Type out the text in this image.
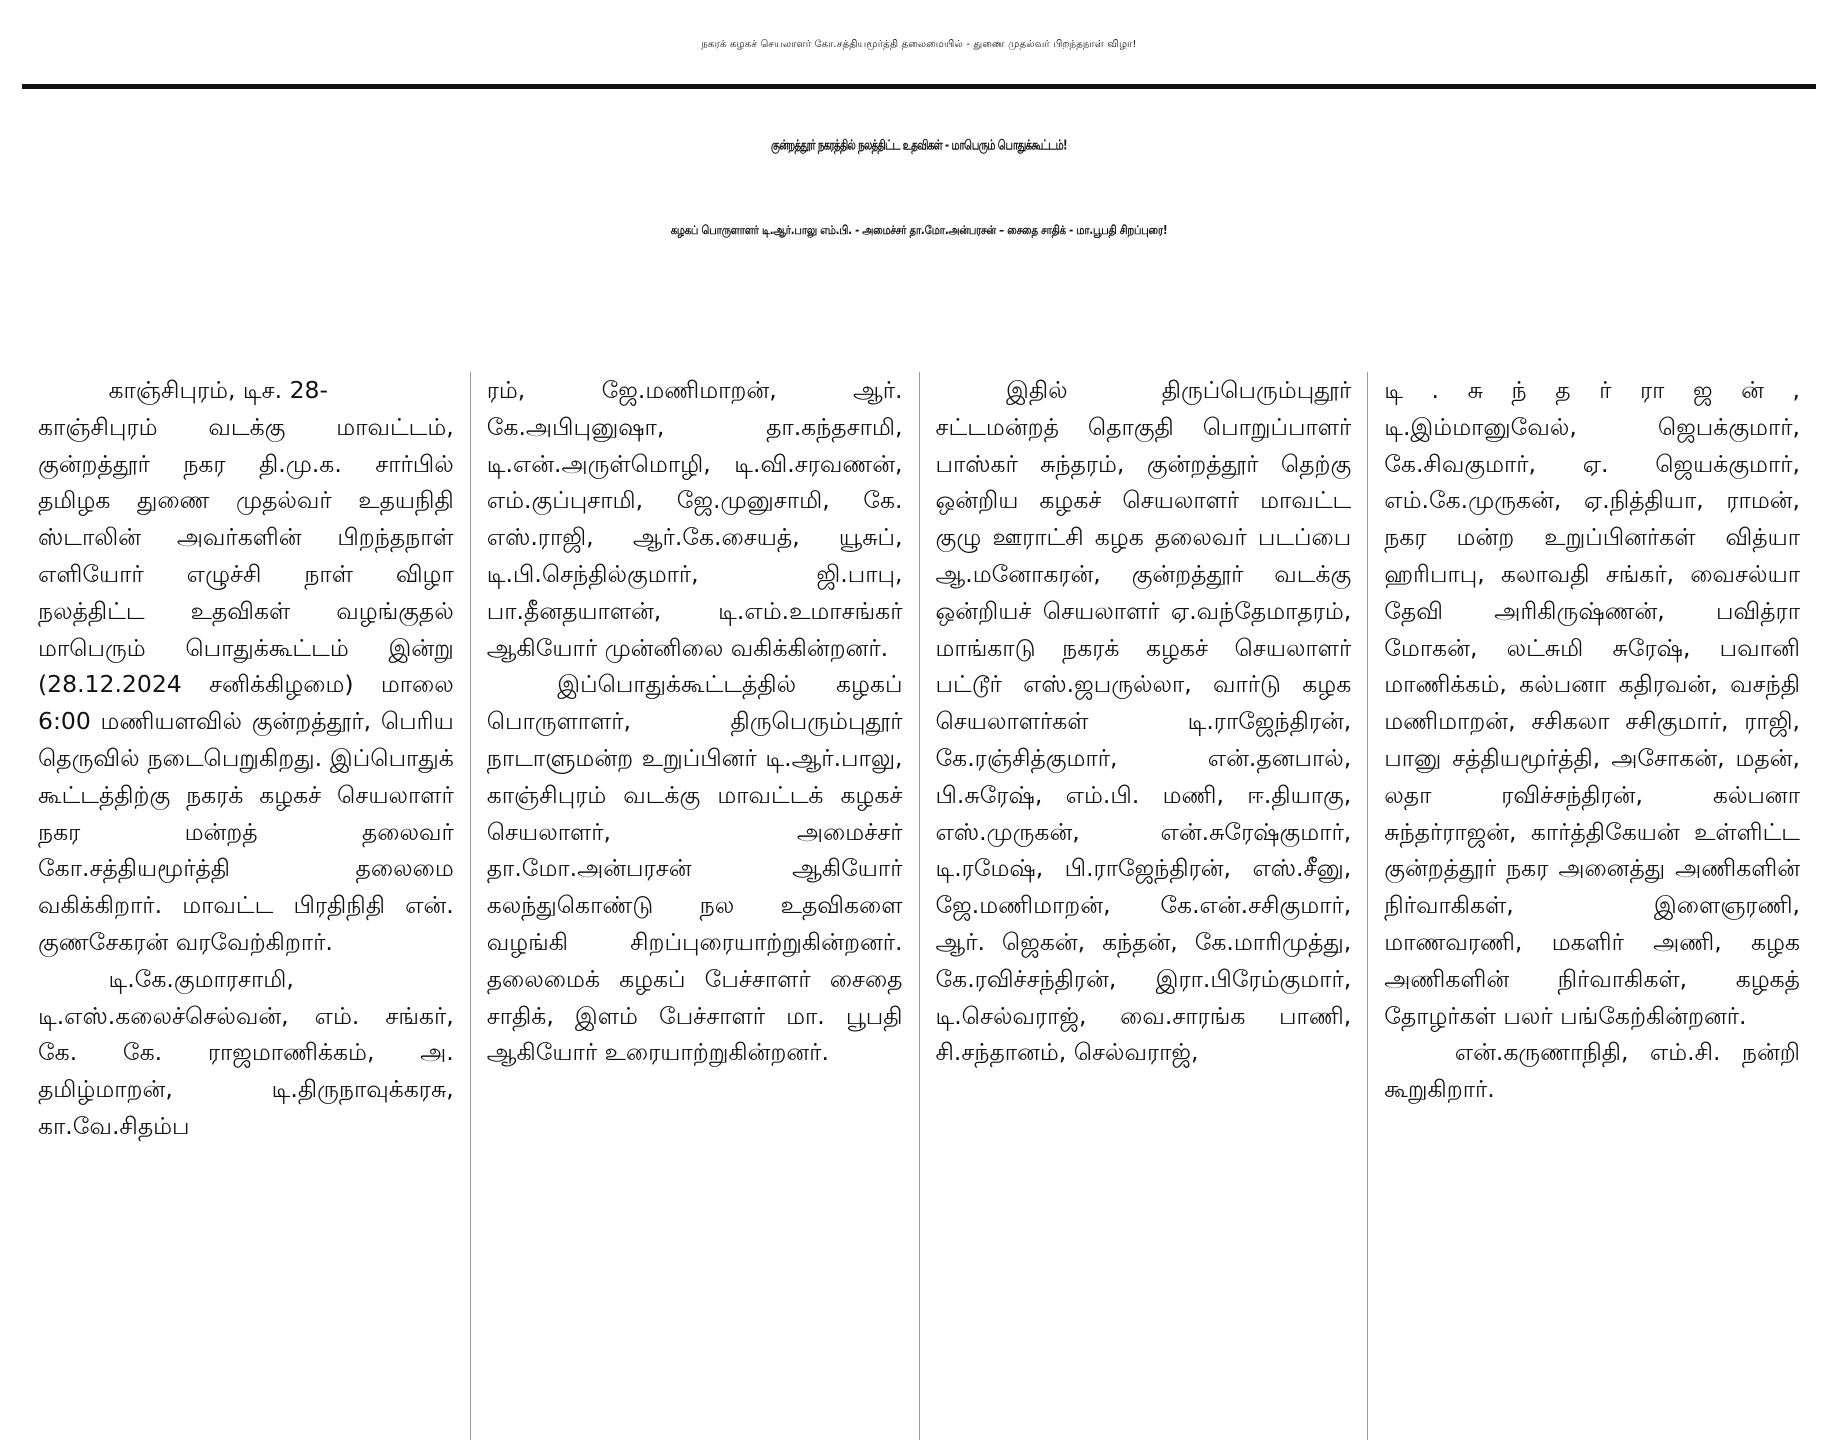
நகரக் கழகச் செயலாளர் கோ.சத்தியமூர்த்தி தலைமையில் - துணை முதல்வர் பிறந்தநாள் விழா!
குன்றத்தூர் நகரத்தில் நலத்திட்ட உதவிகள் - மாபெரும் பொதுக்கூட்டம்!
கழகப் பொருளாளர் டி.ஆர்.பாலு எம்.பி. - அமைச்சர் தா.மோ.அன்பரசன் – சைதை சாதிக் - மா.பூபதி சிறப்புரை!

காஞ்சிபுரம், டிச. 28-

காஞ்சிபுரம் வடக்கு மாவட்டம், குன்றத்தூர் நகர தி.மு.க. சார்பில் தமிழக துணை முதல்வர் உதயநிதி ஸ்டாலின் அவர்களின் பிறந்தநாள் எளியோர் எழுச்சி நாள் விழா நலத்திட்ட உதவிகள் வழங்குதல் மாபெரும் பொதுக்கூட்டம் இன்று (28.12.2024 சனிக்கிழமை) மாலை 6:00 மணியளவில் குன்றத்தூர், பெரிய தெருவில் நடைபெறுகிறது. இப்பொதுக் கூட்டத்திற்கு நகரக் கழகச் செயலாளர் நகர மன்றத் தலைவர் கோ.சத்தியமூர்த்தி தலைமை வகிக்கிறார். மாவட்ட பிரதிநிதி என். குணசேகரன் வரவேற்கிறார்.

டி.கே.குமாரசாமி, டி.எஸ்.கலைச்செல்வன், எம். சங்கர், கே. கே. ராஜமாணிக்கம், அ. தமிழ்மாறன், டி.திருநாவுக்கரசு, கா.வே.சிதம்ப

ரம், ஜே.மணிமாறன், ஆர். கே.அபிபுனுஷா, தா.கந்தசாமி, டி.என்.அருள்மொழி, டி.வி.சரவணன், எம்.குப்புசாமி, ஜே.முனுசாமி, கே. எஸ்.ராஜி, ஆர்.கே.சையத், யூசுப், டி.பி.செந்தில்குமார், ஜி.பாபு, பா.தீனதயாளன், டி.எம்.உமாசங்கர் ஆகியோர் முன்னிலை வகிக்கின்றனர்.

இப்பொதுக்கூட்டத்தில் கழகப் பொருளாளர், திருபெரும்புதூர் நாடாளுமன்ற உறுப்பினர் டி.ஆர்.பாலு, காஞ்சிபுரம் வடக்கு மாவட்டக் கழகச் செயலாளர், அமைச்சர் தா.மோ.அன்பரசன் ஆகியோர் கலந்துகொண்டு நல உதவிகளை வழங்கி சிறப்புரையாற்றுகின்றனர். தலைமைக் கழகப் பேச்சாளர் சைதை சாதிக், இளம் பேச்சாளர் மா. பூபதி ஆகியோர் உரையாற்றுகின்றனர்.

இதில் திருப்பெரும்புதூர் சட்டமன்றத் தொகுதி பொறுப்பாளர் பாஸ்கர் சுந்தரம், குன்றத்தூர் தெற்கு ஒன்றிய கழகச் செயலாளர் மாவட்ட குழு ஊராட்சி கழக தலைவர் படப்பை ஆ.மனோகரன், குன்றத்தூர் வடக்கு ஒன்றியச் செயலாளர் ஏ.வந்தேமாதரம், மாங்காடு நகரக் கழகச் செயலாளர் பட்டூர் எஸ்.ஜபருல்லா, வார்டு கழக செயலாளர்கள் டி.ராஜேந்திரன், கே.ரஞ்சித்குமார், என்.தனபால், பி.சுரேஷ், எம்.பி. மணி, ஈ.தியாகு, எஸ்.முருகன், என்.சுரேஷ்குமார், டி.ரமேஷ், பி.ராஜேந்திரன், எஸ்.சீனு, ஜே.மணிமாறன், கே.என்.சசிகுமார், ஆர். ஜெகன், கந்தன், கே.மாரிமுத்து, கே.ரவிச்சந்திரன், இரா.பிரேம்குமார், டி.செல்வராஜ், வை.சாரங்க பாணி, சி.சந்தானம், செல்வராஜ்,

டி . சு ந் த ர் ரா ஜ ன் , டி.இம்மானுவேல், ஜெபக்குமார், கே.சிவகுமார், ஏ. ஜெயக்குமார், எம்.கே.முருகன், ஏ.நித்தியா, ராமன், நகர மன்ற உறுப்பினர்கள் வித்யா ஹரிபாபு, கலாவதி சங்கர், வைசல்யா தேவி அரிகிருஷ்ணன், பவித்ரா மோகன், லட்சுமி சுரேஷ், பவானி மாணிக்கம், கல்பனா கதிரவன், வசந்தி மணிமாறன், சசிகலா சசிகுமார், ராஜி, பானு சத்தியமூர்த்தி, அசோகன், மதன், லதா ரவிச்சந்திரன், கல்பனா சுந்தர்ராஜன், கார்த்திகேயன் உள்ளிட்ட குன்றத்தூர் நகர அனைத்து அணிகளின் நிர்வாகிகள், இளைஞரணி, மாணவரணி, மகளிர் அணி, கழக அணிகளின் நிர்வாகிகள், கழகத் தோழர்கள் பலர் பங்கேற்கின்றனர்.

என்.கருணாநிதி, எம்.சி. நன்றி கூறுகிறார்.
